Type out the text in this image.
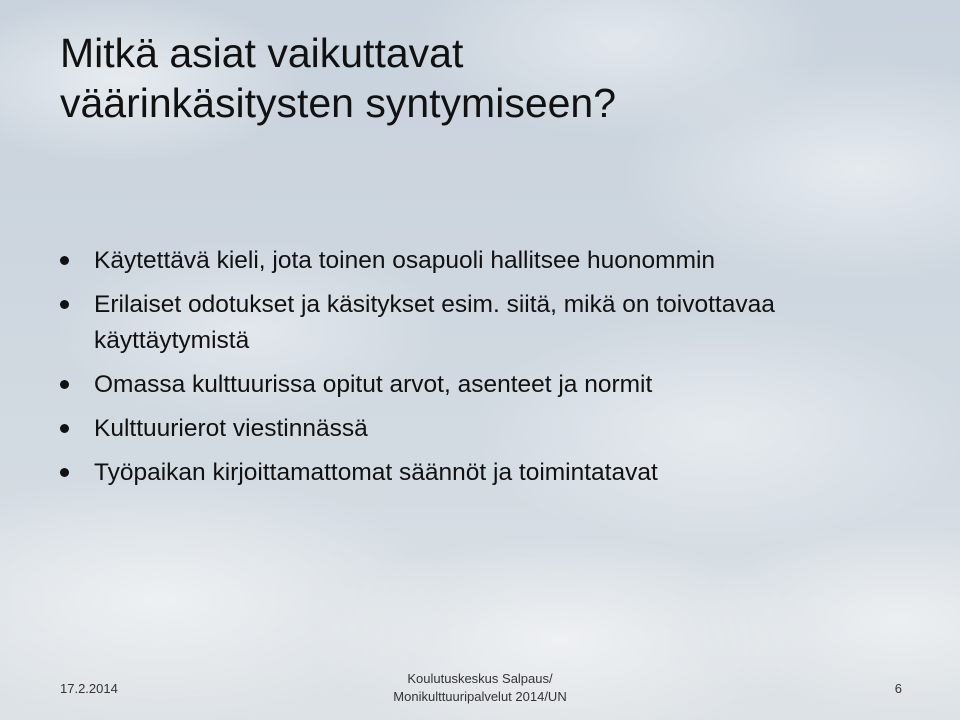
Mitkä asiat vaikuttavat
väärinkäsitysten syntymiseen?
Käytettävä kieli, jota toinen osapuoli hallitsee huonommin
Erilaiset odotukset ja käsitykset esim. siitä, mikä on toivottavaa käyttäytymistä
Omassa kulttuurissa opitut arvot, asenteet ja normit
Kulttuurierot viestinnässä
Työpaikan kirjoittamattomat säännöt ja toimintatavat
17.2.2014
Koulutuskeskus Salpaus/
Monikulttuuripalvelut 2014/UN
6
